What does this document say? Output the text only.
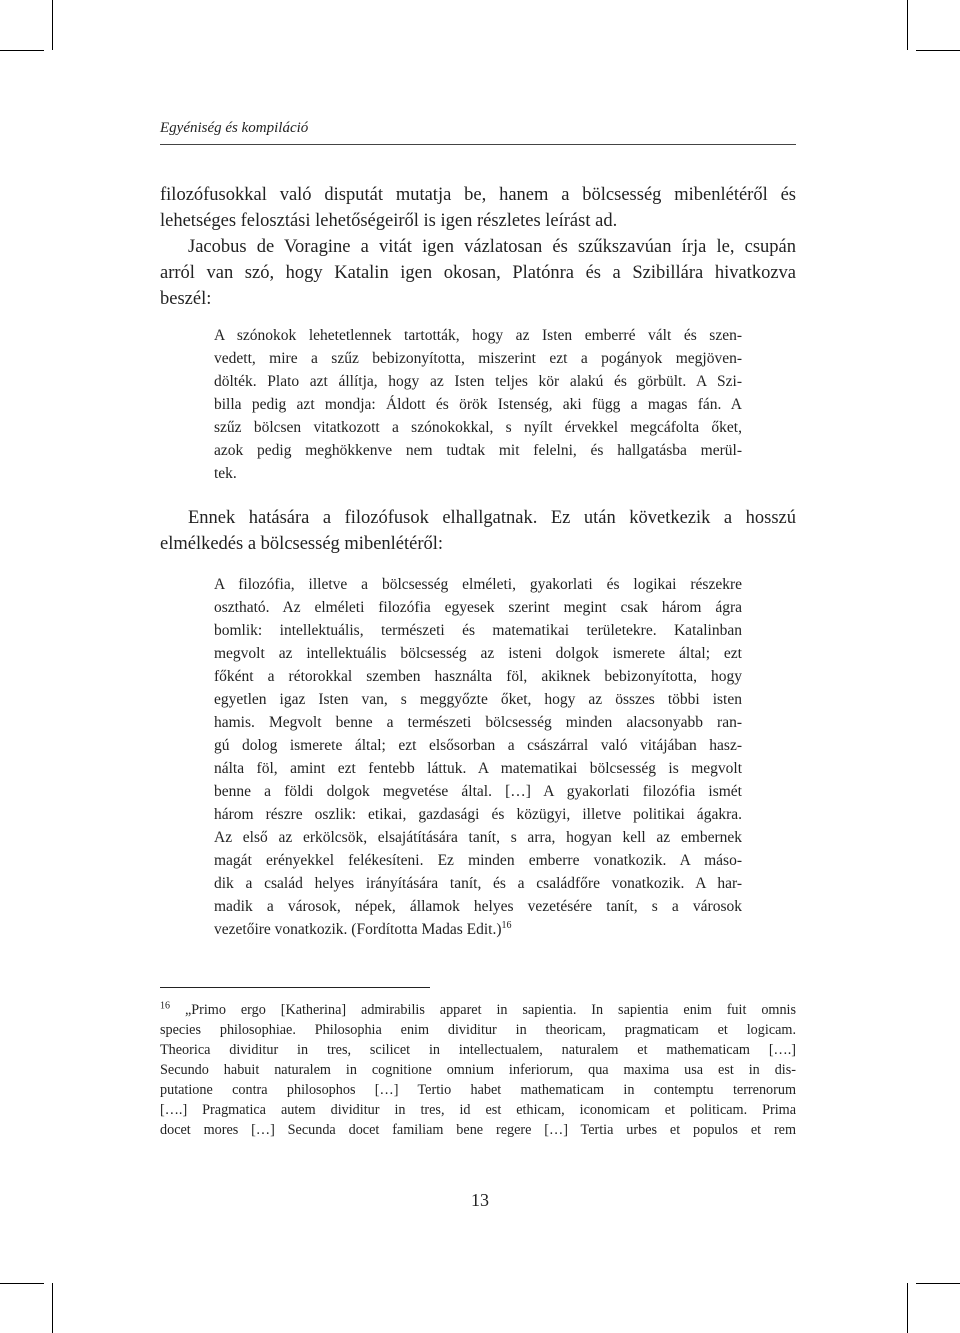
Egyéniség és kompiláció
filozófusokkal való disputát mutatja be, hanem a bölcsesség mibenlétéről és
lehetséges felosztási lehetőségeiről is igen részletes leírást ad.
Jacobus de Voragine a vitát igen vázlatosan és szűkszavúan írja le, csupán
arról van szó, hogy Katalin igen okosan, Platónra és a Szibillára hivatkozva
beszél:
A szónokok lehetetlennek tartották, hogy az Isten emberré vált és szen-
vedett, mire a szűz bebizonyította, miszerint ezt a pogányok megjöven-
dölték. Plato azt állítja, hogy az Isten teljes kör alakú és görbült. A Szi-
billa pedig azt mondja: Áldott és örök Istenség, aki függ a magas fán. A
szűz bölcsen vitatkozott a szónokokkal, s nyílt érvekkel megcáfolta őket,
azok pedig meghökkenve nem tudtak mit felelni, és hallgatásba merül-
tek.
Ennek hatására a filozófusok elhallgatnak. Ez után következik a hosszú
elmélkedés a bölcsesség mibenlétéről:
A filozófia, illetve a bölcsesség elméleti, gyakorlati és logikai részekre
osztható. Az elméleti filozófia egyesek szerint megint csak három ágra
bomlik: intellektuális, természeti és matematikai területekre. Katalinban
megvolt az intellektuális bölcsesség az isteni dolgok ismerete által; ezt
főként a rétorokkal szemben használta föl, akiknek bebizonyította, hogy
egyetlen igaz Isten van, s meggyőzte őket, hogy az összes többi isten
hamis. Megvolt benne a természeti bölcsesség minden alacsonyabb ran-
gú dolog ismerete által; ezt elsősorban a császárral való vitájában hasz-
nálta föl, amint ezt fentebb láttuk. A matematikai bölcsesség is megvolt
benne a földi dolgok megvetése által. […] A gyakorlati filozófia ismét
három részre oszlik: etikai, gazdasági és közügyi, illetve politikai ágakra.
Az első az erkölcsök, elsajátítására tanít, s arra, hogyan kell az embernek
magát erényekkel felékesíteni. Ez minden emberre vonatkozik. A máso-
dik a család helyes irányítására tanít, és a családfőre vonatkozik. A har-
madik a városok, népek, államok helyes vezetésére tanít, s a városok
vezetőire vonatkozik. (Fordította Madas Edit.)$^{16}$
$^{16}$ „Primo ergo [Katherina] admirabilis apparet in sapientia. In sapientia enim fuit omnis
species philosophiae. Philosophia enim dividitur in theoricam, pragmaticam et logicam.
Theorica dividitur in tres, scilicet in intellectualem, naturalem et mathematicam [….]
Secundo habuit naturalem in cognitione omnium inferiorum, qua maxima usa est in dis-
putatione contra philosophos […] Tertio habet mathematicam in contemptu terrenorum
[….] Pragmatica autem dividitur in tres, id est ethicam, iconomicam et politicam. Prima
docet mores […] Secunda docet familiam bene regere […] Tertia urbes et populos et rem
13
